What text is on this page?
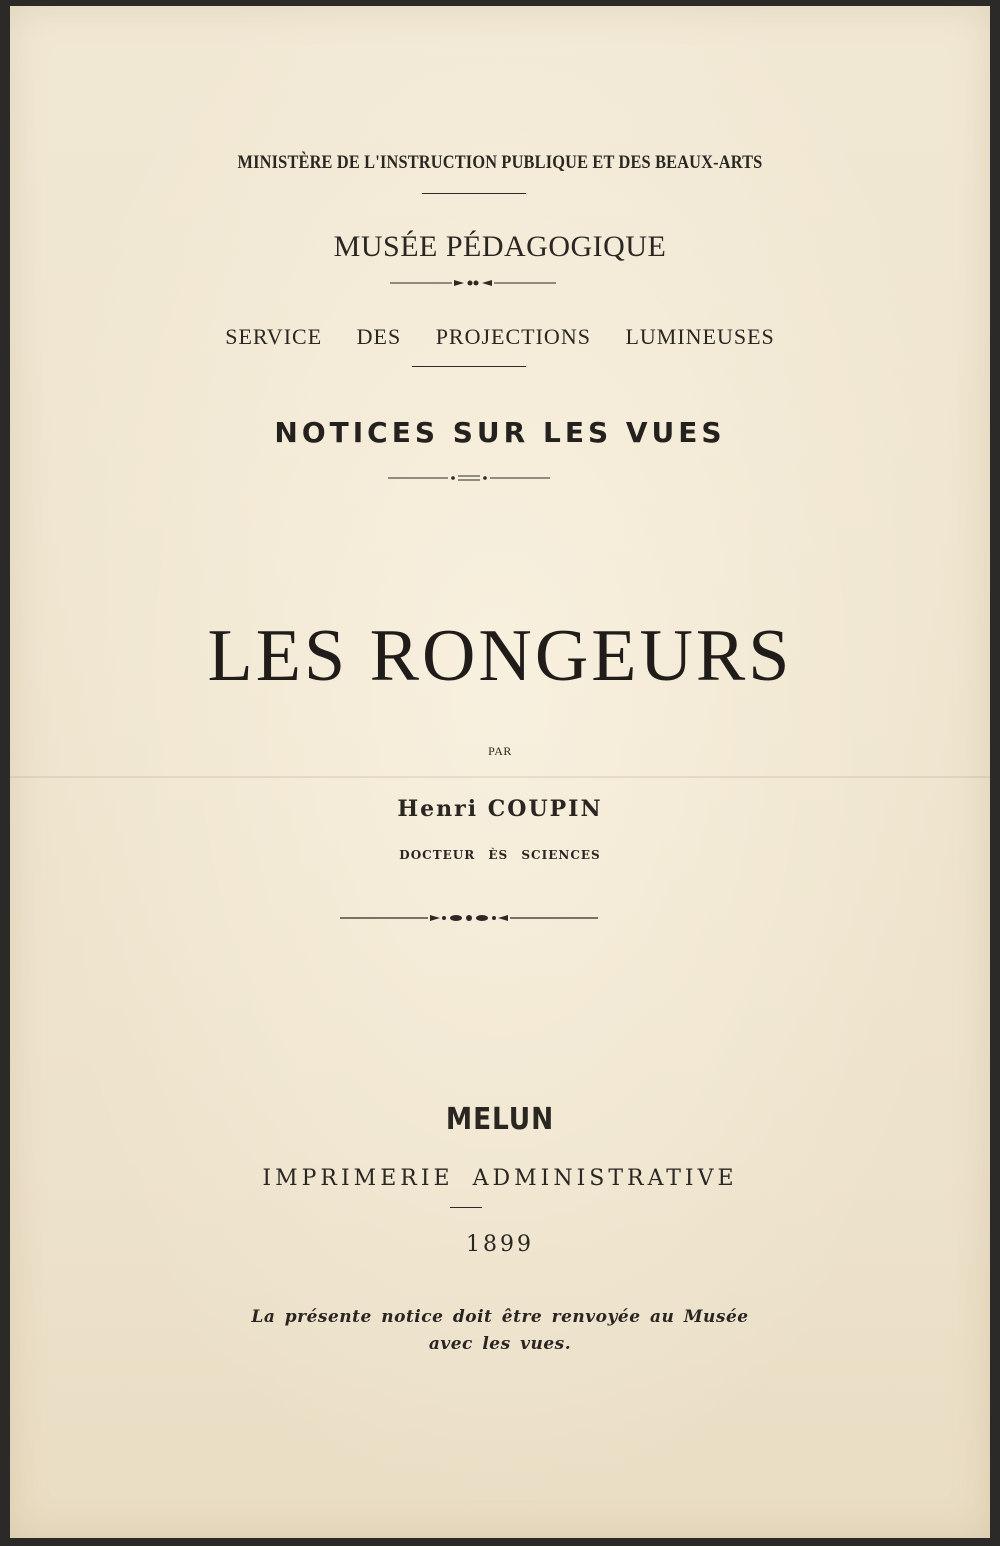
MINISTÈRE DE L'INSTRUCTION PUBLIQUE ET DES BEAUX-ARTS
MUSÉE PÉDAGOGIQUE
SERVICE DES PROJECTIONS LUMINEUSES
NOTICES SUR LES VUES
LES RONGEURS
PAR
Henri COUPIN
DOCTEUR ÈS SCIENCES
MELUN
IMPRIMERIE ADMINISTRATIVE
1899
La présente notice doit être renvoyée au Musée
avec les vues.
